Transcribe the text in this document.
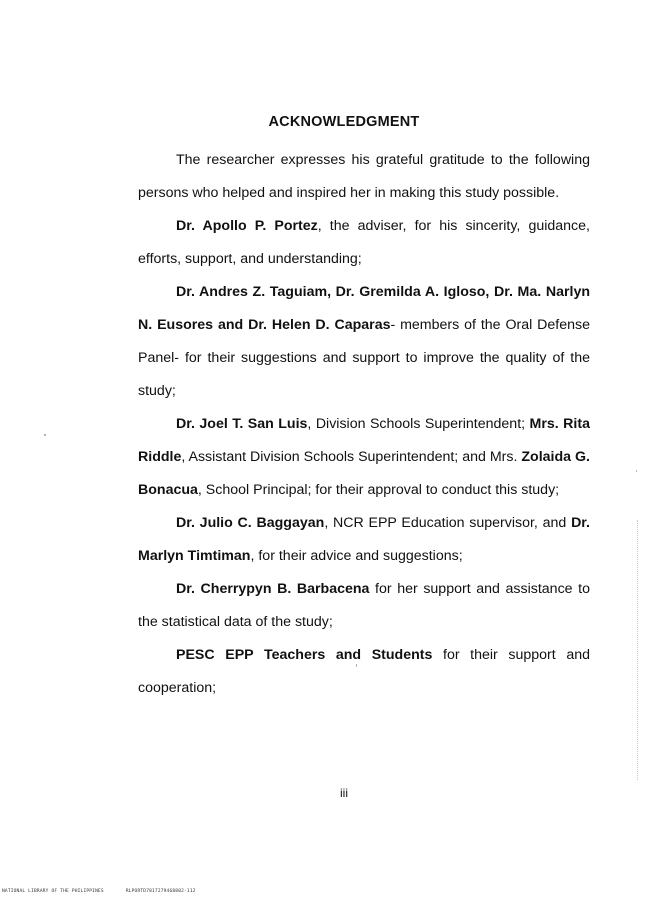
ACKNOWLEDGMENT

The researcher expresses his grateful gratitude to the following persons who helped and inspired her in making this study possible.

Dr. Apollo P. Portez, the adviser, for his sincerity, guidance, efforts, support, and understanding;

Dr. Andres Z. Taguiam, Dr. Gremilda A. Igloso, Dr. Ma. Narlyn N. Eusores and Dr. Helen D. Caparas- members of the Oral Defense Panel- for their suggestions and support to improve the quality of the study;

Dr. Joel T. San Luis, Division Schools Superintendent; Mrs. Rita Riddle, Assistant Division Schools Superintendent; and Mrs. Zolaida G. Bonacua, School Principal; for their approval to conduct this study;

Dr. Julio C. Baggayan, NCR EPP Education supervisor, and Dr. Marlyn Timtiman, for their advice and suggestions;

Dr. Cherrypyn B. Barbacena for her support and assistance to the statistical data of the study;

PESC EPP Teachers and Students for their support and cooperation;

iii
NATIONAL LIBRARY OF THE PHILIPPINES	RLPORTD7817279468802-112
